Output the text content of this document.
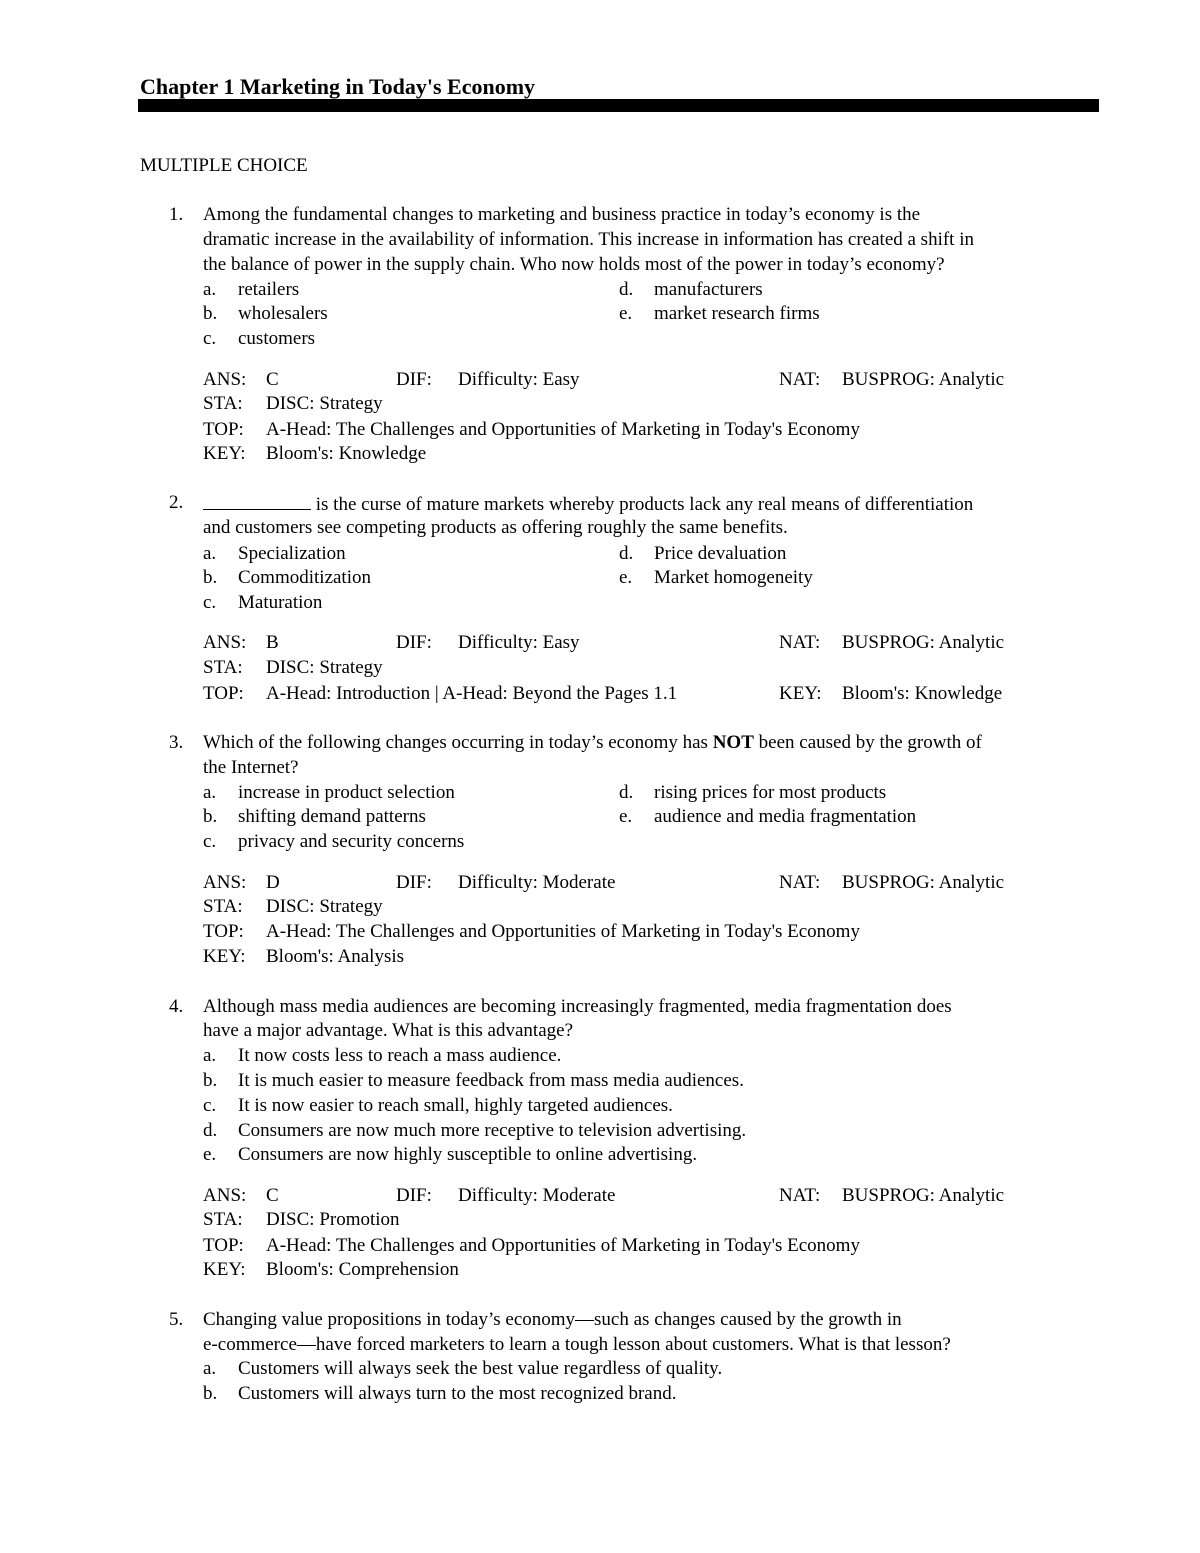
Chapter 1 Marketing in Today's Economy
MULTIPLE CHOICE
1. Among the fundamental changes to marketing and business practice in today’s economy is the
dramatic increase in the availability of information. This increase in information has created a shift in
the balance of power in the supply chain. Who now holds most of the power in today’s economy?
a. retailers	d. manufacturers
b. wholesalers	e. market research firms
c. customers
ANS: C	DIF: Difficulty: Easy	NAT: BUSPROG: Analytic
STA: DISC: Strategy
TOP: A-Head: The Challenges and Opportunities of Marketing in Today's Economy
KEY: Bloom's: Knowledge
2.	is the curse of mature markets whereby products lack any real means of differentiation
and customers see competing products as offering roughly the same benefits.
a. Specialization	d. Price devaluation
b. Commoditization	e. Market homogeneity
c. Maturation
ANS: B	DIF: Difficulty: Easy	NAT: BUSPROG: Analytic
STA: DISC: Strategy
TOP: A-Head: Introduction | A-Head: Beyond the Pages 1.1	KEY: Bloom's: Knowledge
3. Which of the following changes occurring in today’s economy has NOT been caused by the growth of
the Internet?
a. increase in product selection	d. rising prices for most products
b. shifting demand patterns	e. audience and media fragmentation
c. privacy and security concerns
ANS: D	DIF: Difficulty: Moderate	NAT: BUSPROG: Analytic
STA: DISC: Strategy
TOP: A-Head: The Challenges and Opportunities of Marketing in Today's Economy
KEY: Bloom's: Analysis
4. Although mass media audiences are becoming increasingly fragmented, media fragmentation does
have a major advantage. What is this advantage?
a. It now costs less to reach a mass audience.
b. It is much easier to measure feedback from mass media audiences.
c. It is now easier to reach small, highly targeted audiences.
d. Consumers are now much more receptive to television advertising.
e. Consumers are now highly susceptible to online advertising.
ANS: C	DIF: Difficulty: Moderate	NAT: BUSPROG: Analytic
STA: DISC: Promotion
TOP: A-Head: The Challenges and Opportunities of Marketing in Today's Economy
KEY: Bloom's: Comprehension
5. Changing value propositions in today’s economy—such as changes caused by the growth in
e-commerce—have forced marketers to learn a tough lesson about customers. What is that lesson?
a. Customers will always seek the best value regardless of quality.
b. Customers will always turn to the most recognized brand.
